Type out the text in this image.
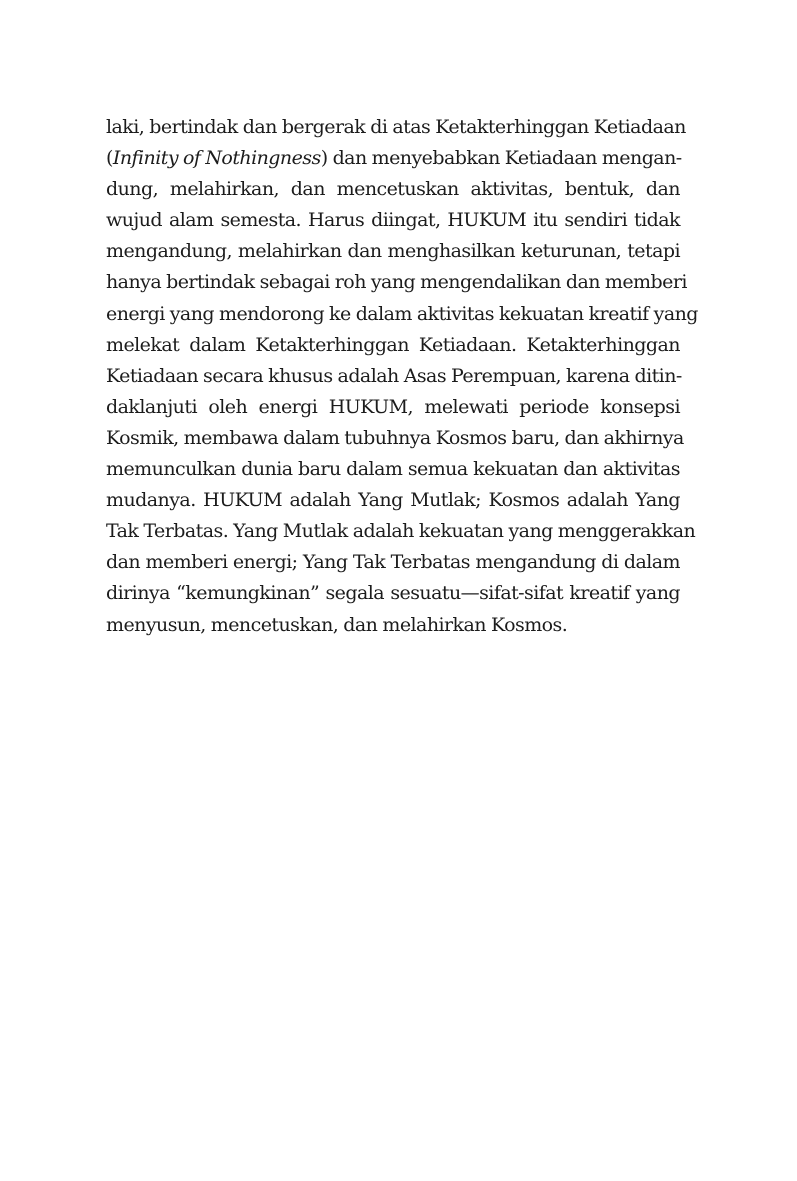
laki, bertindak dan bergerak di atas Ketakterhinggan Ketiadaan
(Infinity of Nothingness) dan menyebabkan Ketiadaan mengan-
dung, melahirkan, dan mencetuskan aktivitas, bentuk, dan
wujud alam semesta. Harus diingat, HUKUM itu sendiri tidak
mengandung, melahirkan dan menghasilkan keturunan, tetapi
hanya bertindak sebagai roh yang mengendalikan dan memberi
energi yang mendorong ke dalam aktivitas kekuatan kreatif yang
melekat dalam Ketakterhinggan Ketiadaan. Ketakterhinggan
Ketiadaan secara khusus adalah Asas Perempuan, karena ditin-
daklanjuti oleh energi HUKUM, melewati periode konsepsi
Kosmik, membawa dalam tubuhnya Kosmos baru, dan akhirnya
memunculkan dunia baru dalam semua kekuatan dan aktivitas
mudanya. HUKUM adalah Yang Mutlak; Kosmos adalah Yang
Tak Terbatas. Yang Mutlak adalah kekuatan yang menggerakkan
dan memberi energi; Yang Tak Terbatas mengandung di dalam
dirinya “kemungkinan” segala sesuatu—sifat-sifat kreatif yang
menyusun, mencetuskan, dan melahirkan Kosmos.
